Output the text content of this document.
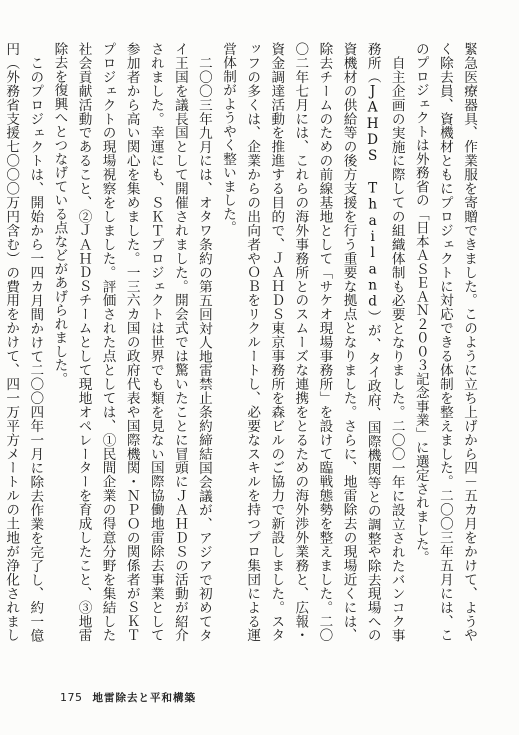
緊急医療器具、作業服を寄贈できました。このように立ち上げから四－五カ月をかけて、ようやく除去員、資機材ともにプロジェクトに対応できる体制を整えました。二〇〇三年五月には、このプロジェクトは外務省の「日本ＡＳＥＡＮ２００３記念事業」に選定されました。

自主企画の実施に際しての組織体制も必要となりました。二〇〇一年に設立されたバンコク事務所（JAHDS Thailand）が、タイ政府、国際機関等との調整や除去現場への資機材の供給等の後方支援を行う重要な拠点となりました。さらに、地雷除去の現場近くには、除去チームのための前線基地として「サケオ現場事務所」を設けて臨戦態勢を整えました。二〇〇二年七月には、これらの海外事務所とのスムーズな連携をとるための海外渉外業務と、広報・資金調達活動を推進する目的で、ＪＡＨＤＳ東京事務所を森ビルのご協力で新設しました。スタッフの多くは、企業からの出向者やＯＢをリクルートし、必要なスキルを持つプロ集団による運営体制がようやく整いました。

二〇〇三年九月には、オタワ条約の第五回対人地雷禁止条約締結国会議が、アジアで初めてタイ王国を議長国として開催されました。開会式では驚いたことに冒頭にＪＡＨＤＳの活動が紹介されました。幸運にも、ＳＫＴプロジェクトは世界でも類を見ない国際協働地雷除去事業として参加者から高い関心を集めました。一三六カ国の政府代表や国際機関・ＮＰＯの関係者がＳＫＴプロジェクトの現場視察をしました。評価された点としては、①民間企業の得意分野を集結した社会貢献活動であること、②ＪＡＨＤＳチームとして現地オペレーターを育成したこと、③地雷除去を復興へとつなげている点などがあげられました。

このプロジェクトは、開始から一四カ月間かけて二〇〇四年一月に除去作業を完了し、約一億円（外務省支援七〇〇〇万円含む）の費用をかけて、四一万平方メートルの土地が浄化されまし

175 地雷除去と平和構築
